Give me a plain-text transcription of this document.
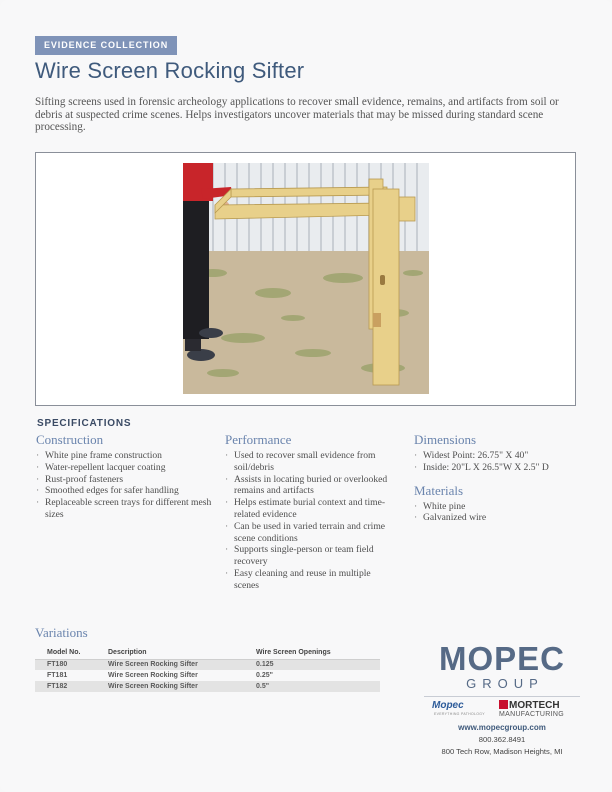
EVIDENCE COLLECTION
Wire Screen Rocking Sifter

Sifting screens used in forensic archeology applications to recover small evidence, remains, and artifacts from soil or debris at suspected crime scenes. Helps investigators uncover materials that may be missed during standard scene processing.

SPECIFICATIONS
Construction
· White pine frame construction
· Water-repellent lacquer coating
· Rust-proof fasteners
· Smoothed edges for safer handling
· Replaceable screen trays for different mesh sizes
Performance
· Used to recover small evidence from soil/debris
· Assists in locating buried or overlooked remains and artifacts
· Helps estimate burial context and time-related evidence
· Can be used in varied terrain and crime scene conditions
· Supports single-person or team field recovery
· Easy cleaning and reuse in multiple scenes
Dimensions
· Widest Point: 26.75" X 40"
· Inside: 20"L X 26.5"W X 2.5" D
Materials
· White pine
· Galvanized wire
Variations
Model No.	Description	Wire Screen Openings
FT180	Wire Screen Rocking Sifter	0.125
FT181	Wire Screen Rocking Sifter	0.25"
FT182	Wire Screen Rocking Sifter	0.5"
MOPEC
GROUP
Mopec
EVERYTHING PATHOLOGY
MORTECH
MANUFACTURING
www.mopecgroup.com
800.362.8491
800 Tech Row, Madison Heights, MI
